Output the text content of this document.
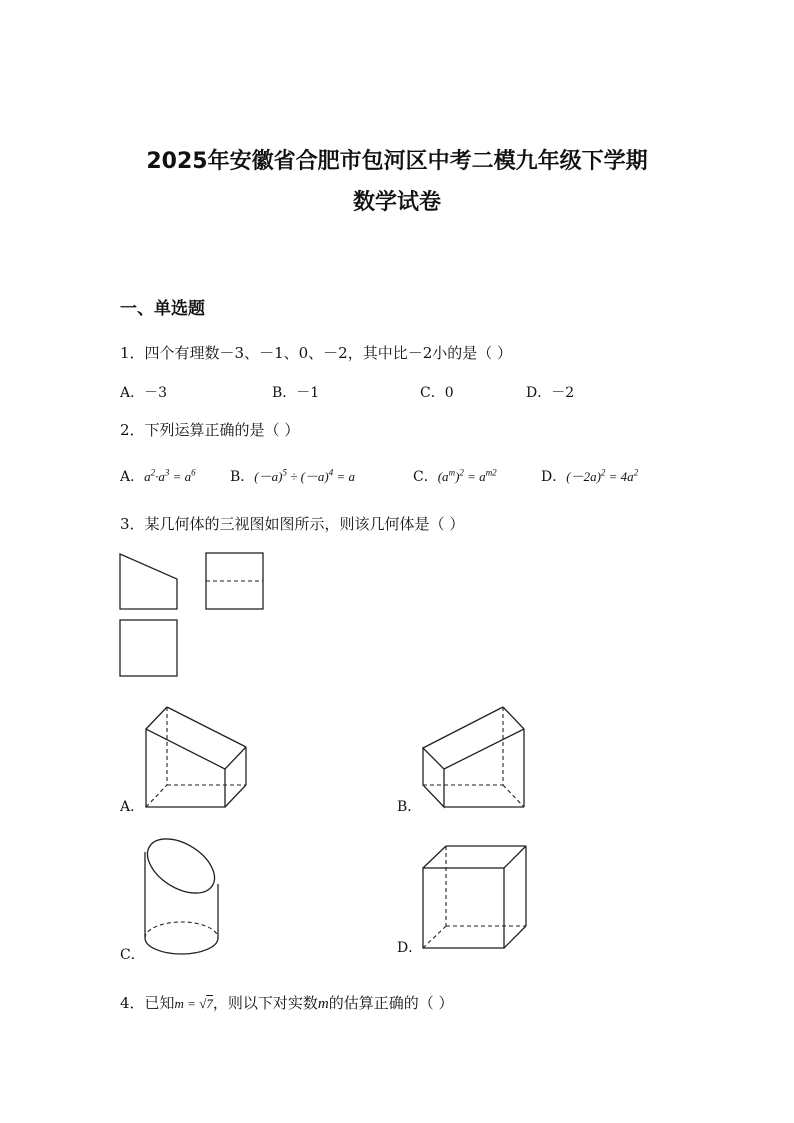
2025年安徽省合肥市包河区中考二模九年级下学期
数学试卷
一、单选题
1．四个有理数－3、－1、0、－2，其中比－2小的是（ ）
A．－3	B．－1	C．0	D．－2
2．下列运算正确的是（ ）
A．$a^2\cdot a^3 = a^6$ B．$(-a)^5 \div (-a)^4 = a$	C．$(a^m)^2 = a^{m2}$	D．$(-2a)^2 = 4a^2$
3．某几何体的三视图如图所示，则该几何体是（ ）
A．	B．
C．	D．
4．已知m = √7，则以下对实数m的估算正确的（ ）
